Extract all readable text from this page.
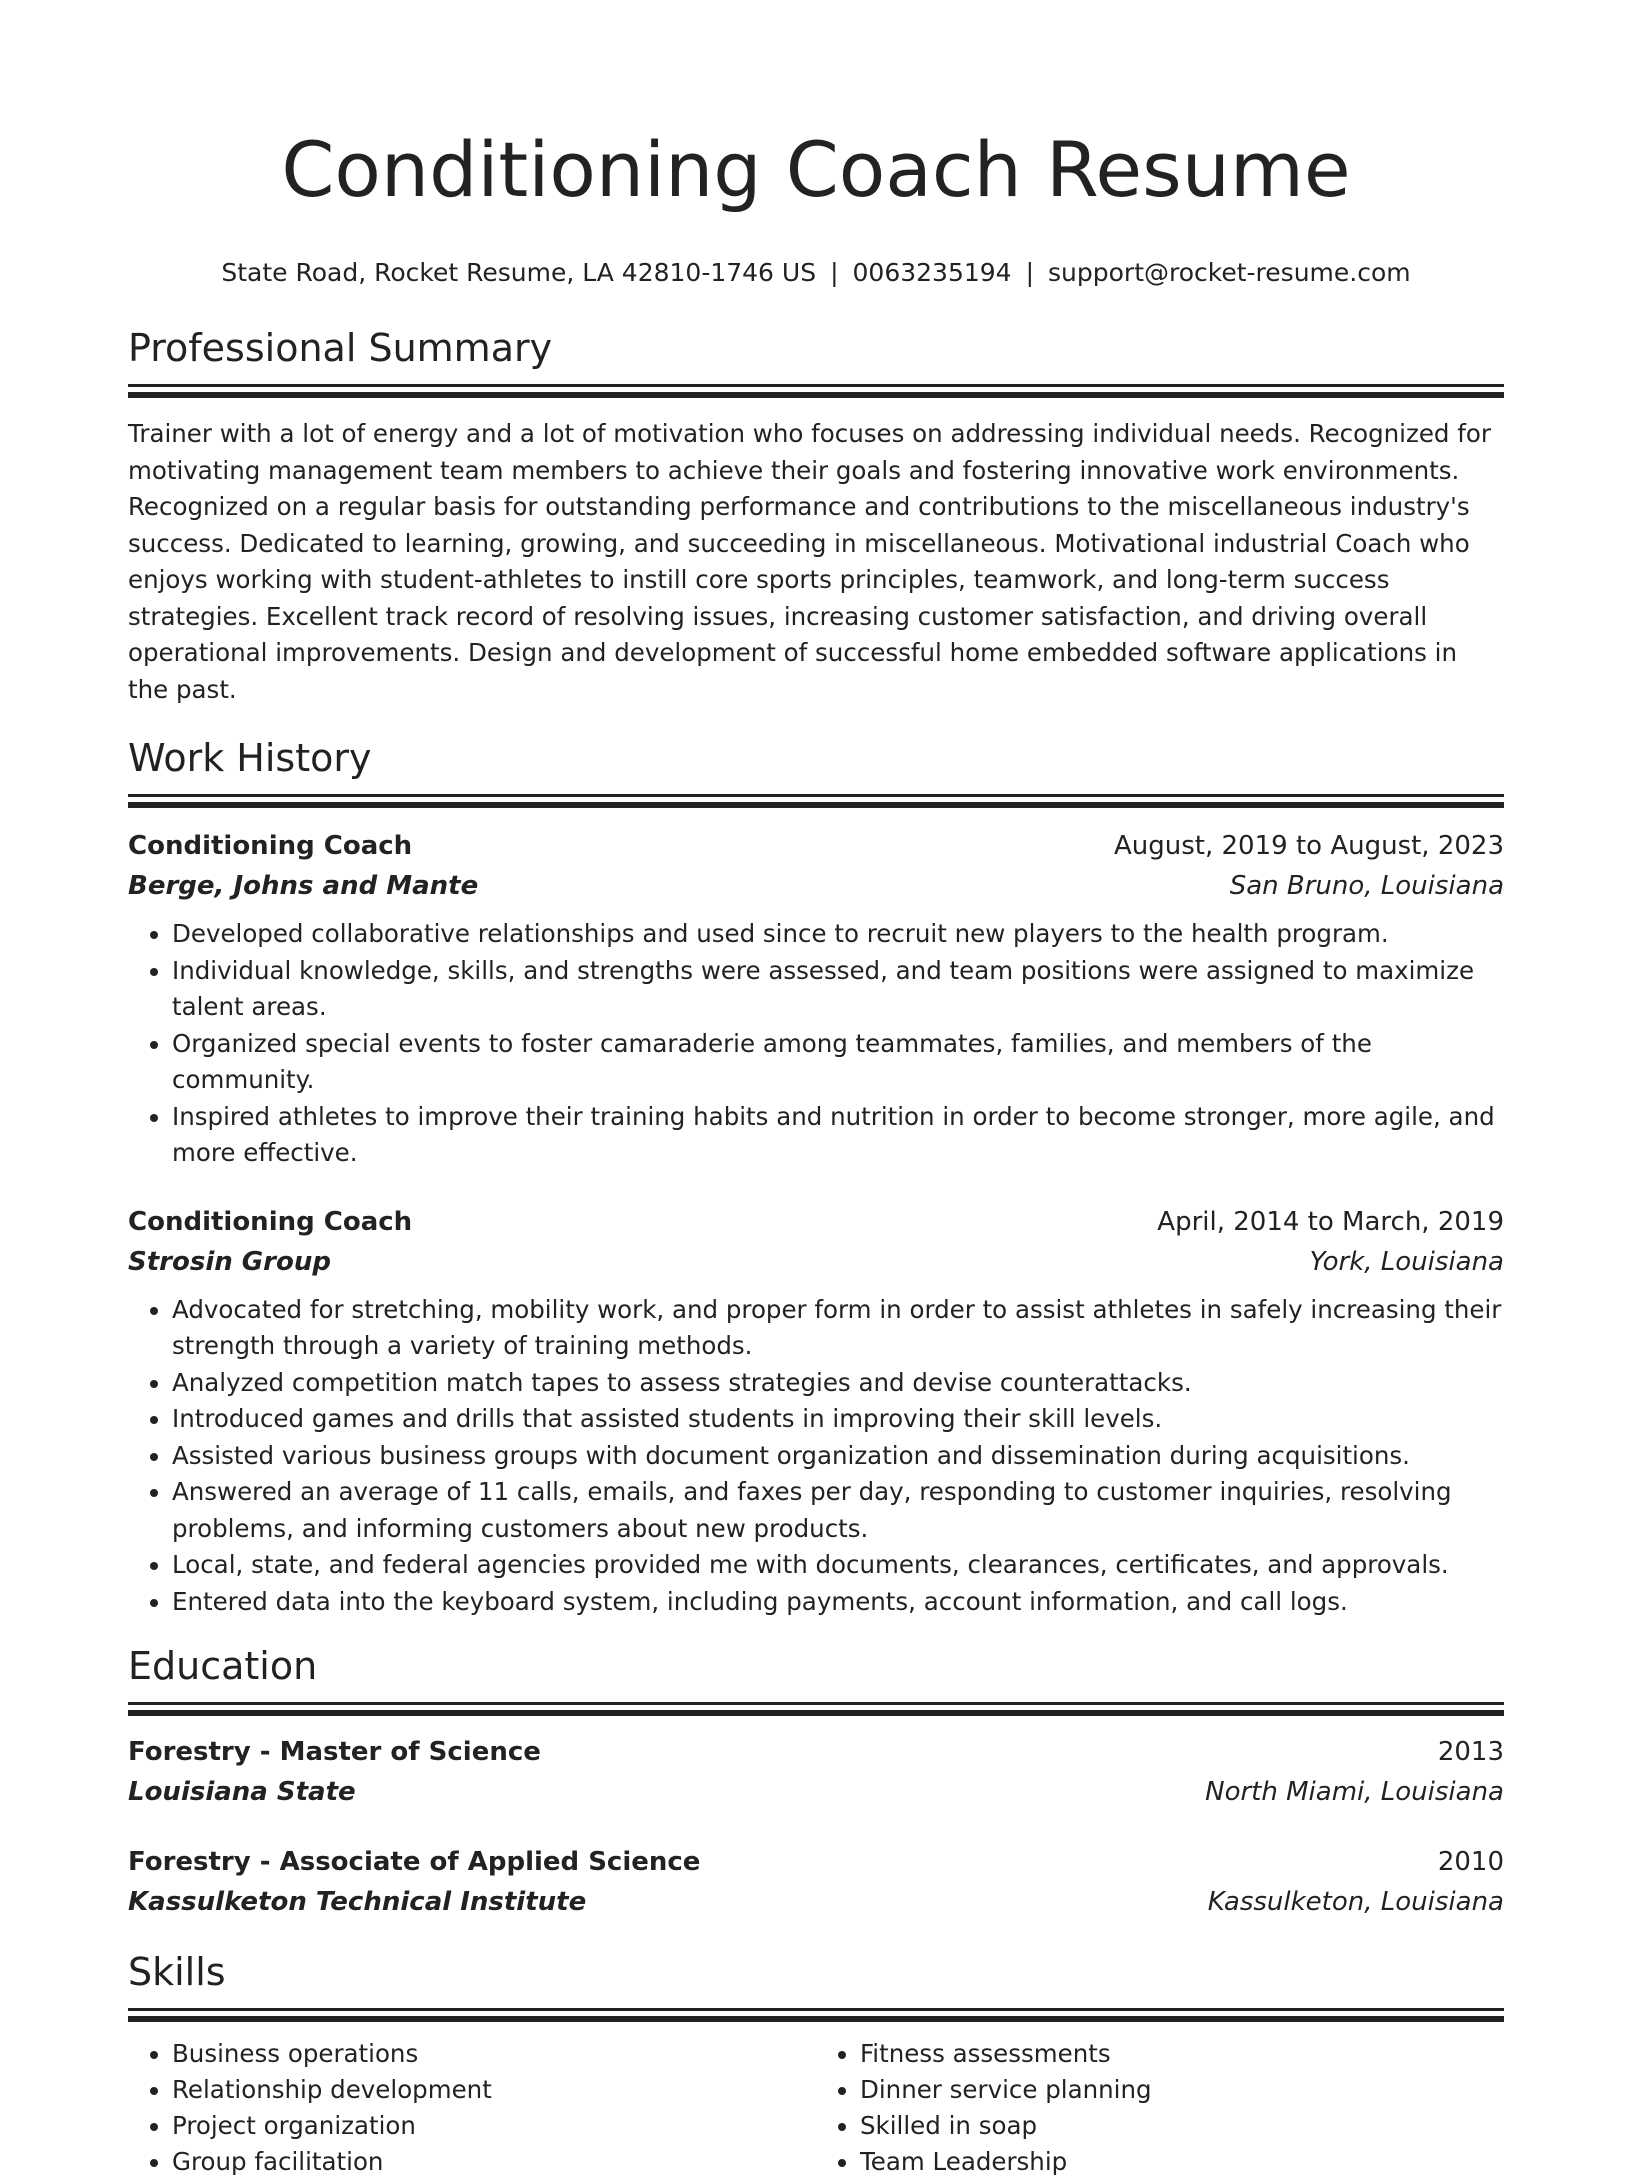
Conditioning Coach Resume
State Road, Rocket Resume, LA 42810-1746 US | 0063235194 | support@rocket-resume.com
Professional Summary

Trainer with a lot of energy and a lot of motivation who focuses on addressing individual needs. Recognized for motivating management team members to achieve their goals and fostering innovative work environments. Recognized on a regular basis for outstanding performance and contributions to the miscellaneous industry's success. Dedicated to learning, growing, and succeeding in miscellaneous. Motivational industrial Coach who enjoys working with student-athletes to instill core sports principles, teamwork, and long-term success strategies. Excellent track record of resolving issues, increasing customer satisfaction, and driving overall operational improvements. Design and development of successful home embedded software applications in the past.

Work History
Conditioning Coach	August, 2019 to August, 2023
Berge, Johns and Mante	San Bruno, Louisiana
• Developed collaborative relationships and used since to recruit new players to the health program.
• Individual knowledge, skills, and strengths were assessed, and team positions were assigned to maximize talent areas.
• Organized special events to foster camaraderie among teammates, families, and members of the community.
• Inspired athletes to improve their training habits and nutrition in order to become stronger, more agile, and more effective.
Conditioning Coach	April, 2014 to March, 2019
Strosin Group	York, Louisiana
• Advocated for stretching, mobility work, and proper form in order to assist athletes in safely increasing their strength through a variety of training methods.
• Analyzed competition match tapes to assess strategies and devise counterattacks.
• Introduced games and drills that assisted students in improving their skill levels.
• Assisted various business groups with document organization and dissemination during acquisitions.
• Answered an average of 11 calls, emails, and faxes per day, responding to customer inquiries, resolving problems, and informing customers about new products.
• Local, state, and federal agencies provided me with documents, clearances, certificates, and approvals.
• Entered data into the keyboard system, including payments, account information, and call logs.
Education
Forestry - Master of Science	2013
Louisiana State	North Miami, Louisiana
Forestry - Associate of Applied Science	2010
Kassulketon Technical Institute	Kassulketon, Louisiana
Skills
• Business operations
• Relationship development
• Project organization
• Group facilitation
• Fitness assessments
• Dinner service planning
• Skilled in soap
• Team Leadership
